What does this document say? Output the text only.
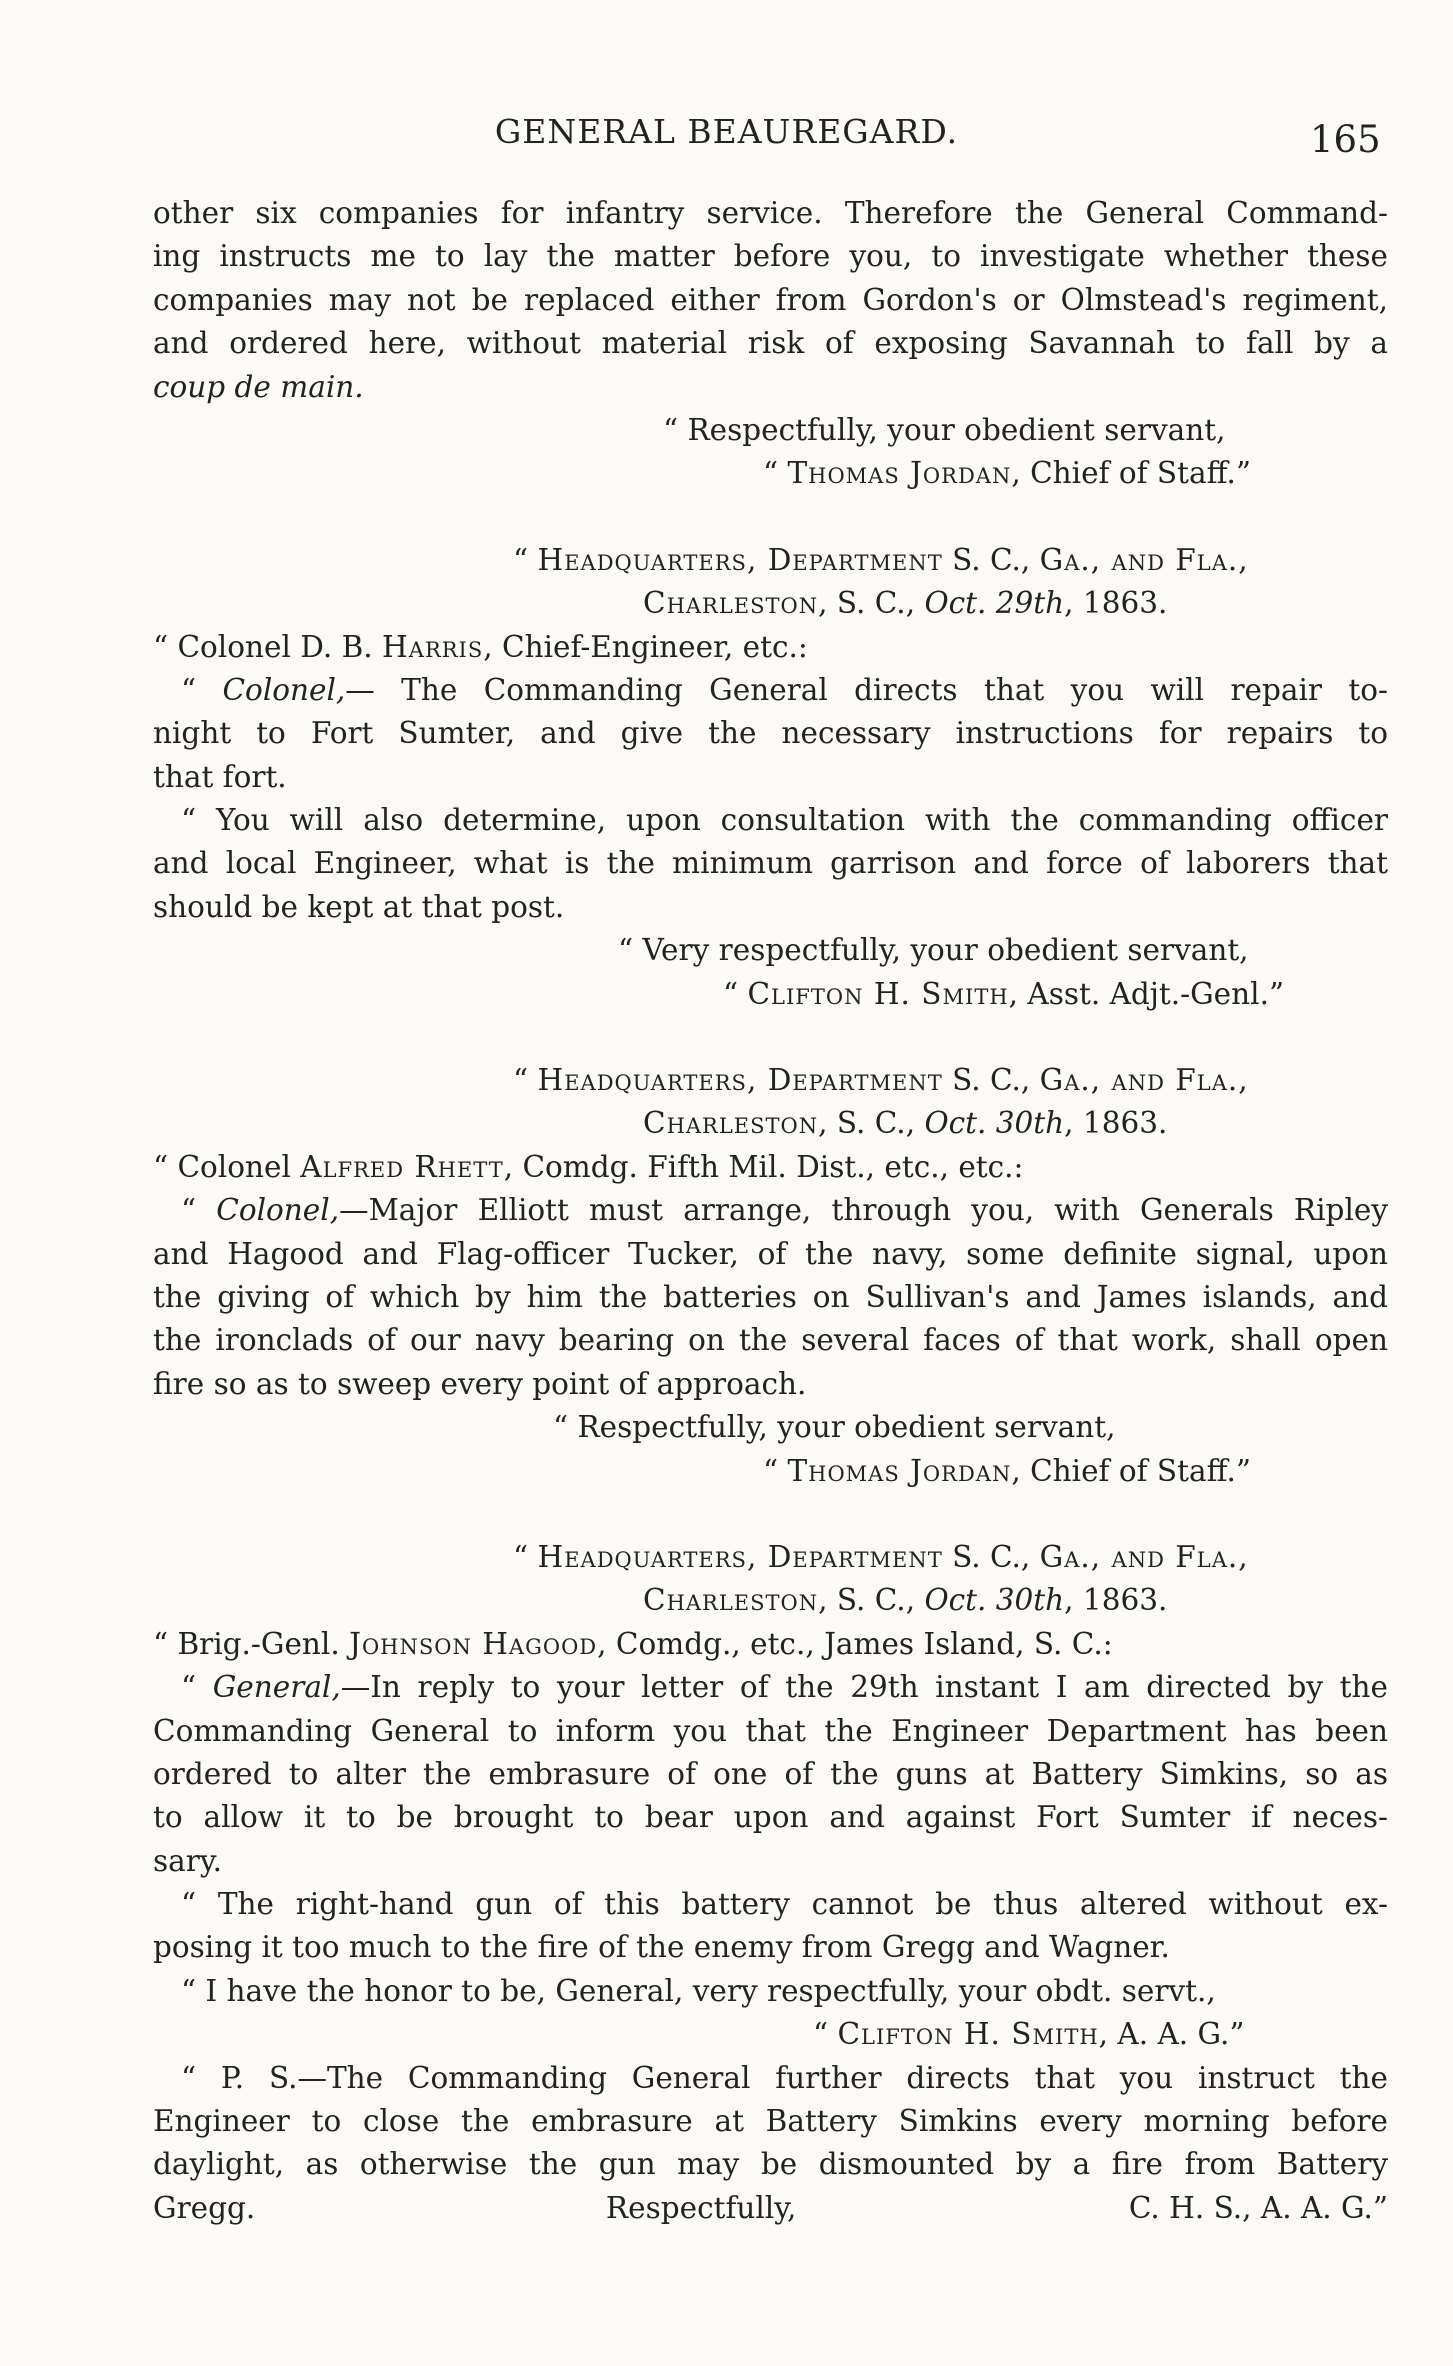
GENERAL BEAUREGARD.	165
other six companies for infantry service. Therefore the General Command-
ing instructs me to lay the matter before you, to investigate whether these
companies may not be replaced either from Gordon's or Olmstead's regiment,
and ordered here, without material risk of exposing Savannah to fall by a
coup de main.
“ Respectfully, your obedient servant,
“ Thomas Jordan, Chief of Staff.”
“ Headquarters, Department S. C., Ga., and Fla.,
Charleston, S. C., Oct. 29th, 1863.
“ Colonel D. B. Harris, Chief-Engineer, etc.:
“ Colonel,— The Commanding General directs that you will repair to-
night to Fort Sumter, and give the necessary instructions for repairs to
that fort.
“ You will also determine, upon consultation with the commanding officer
and local Engineer, what is the minimum garrison and force of laborers that
should be kept at that post.
“ Very respectfully, your obedient servant,
“ Clifton H. Smith, Asst. Adjt.-Genl.”
“ Headquarters, Department S. C., Ga., and Fla.,
Charleston, S. C., Oct. 30th, 1863.
“ Colonel Alfred Rhett, Comdg. Fifth Mil. Dist., etc., etc.:
“ Colonel,—Major Elliott must arrange, through you, with Generals Ripley
and Hagood and Flag-officer Tucker, of the navy, some definite signal, upon
the giving of which by him the batteries on Sullivan's and James islands, and
the ironclads of our navy bearing on the several faces of that work, shall open
fire so as to sweep every point of approach.
“ Respectfully, your obedient servant,
“ Thomas Jordan, Chief of Staff.”
“ Headquarters, Department S. C., Ga., and Fla.,
Charleston, S. C., Oct. 30th, 1863.
“ Brig.-Genl. Johnson Hagood, Comdg., etc., James Island, S. C.:
“ General,—In reply to your letter of the 29th instant I am directed by the
Commanding General to inform you that the Engineer Department has been
ordered to alter the embrasure of one of the guns at Battery Simkins, so as
to allow it to be brought to bear upon and against Fort Sumter if neces-
sary.
“ The right-hand gun of this battery cannot be thus altered without ex-
posing it too much to the fire of the enemy from Gregg and Wagner.
“ I have the honor to be, General, very respectfully, your obdt. servt.,
“ Clifton H. Smith, A. A. G.”
“ P. S.—The Commanding General further directs that you instruct the
Engineer to close the embrasure at Battery Simkins every morning before
daylight, as otherwise the gun may be dismounted by a fire from Battery
Gregg.	Respectfully,	C. H. S., A. A. G.”
